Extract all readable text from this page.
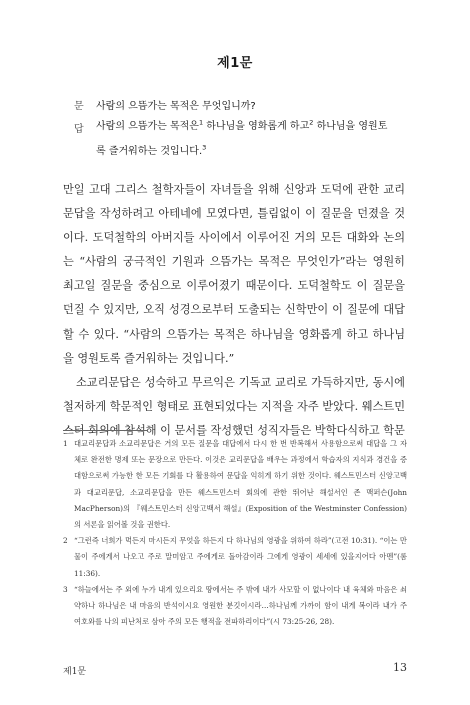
제1문
문 사람의 으뜸가는 목적은 무엇입니까?
답 사람의 으뜸가는 목적은$^1$ 하나님을 영화롭게 하고$^2$ 하나님을 영원토록 즐거워하는 것입니다.$^3$

만일 고대 그리스 철학자들이 자녀들을 위해 신앙과 도덕에 관한 교리문답을 작성하려고 아테네에 모였다면, 틀림없이 이 질문을 던졌을 것이다. 도덕철학의 아버지들 사이에서 이루어진 거의 모든 대화와 논의는 “사람의 궁극적인 기원과 으뜸가는 목적은 무엇인가”라는 영원히 최고일 질문을 중심으로 이루어졌기 때문이다. 도덕철학도 이 질문을 던질 수 있지만, 오직 성경으로부터 도출되는 신학만이 이 질문에 대답할 수 있다. “사람의 으뜸가는 목적은 하나님을 영화롭게 하고 하나님을 영원토록 즐거워하는 것입니다.”

소교리문답은 성숙하고 무르익은 기독교 교리로 가득하지만, 동시에 철저하게 학문적인 형태로 표현되었다는 지적을 자주 받았다. 웨스트민스터 회의에 참석해 이 문서를 작성했던 성직자들은 박학다식하고 학문

1 대교리문답과 소교리문답은 거의 모든 질문을 대답에서 다시 한 번 반복해서 사용함으로써 대답을 그 자체로 완전한 명제 또는 문장으로 만든다. 이것은 교리문답을 배우는 과정에서 학습자의 지식과 경건을 증대함으로써 가능한 한 모든 기회를 다 활용하여 문답을 익히게 하기 위한 것이다. 웨스트민스터 신앙고백과 대교리문답, 소교리문답을 만든 웨스트민스터 회의에 관한 뛰어난 해설서인 존 맥퍼슨(John MacPherson)의 『웨스트민스터 신앙고백서 해설』(Exposition of the Westminster Confession)의 서론을 읽어볼 것을 권한다.
2 “그런즉 너희가 먹든지 마시든지 무엇을 하든지 다 하나님의 영광을 위하여 하라”(고전 10:31). “이는 만물이 주에게서 나오고 주로 말미암고 주에게로 돌아감이라 그에게 영광이 세세에 있을지어다 아멘”(롬 11:36).
3 “하늘에서는 주 외에 누가 내게 있으리요 땅에서는 주 밖에 내가 사모할 이 없나이다 내 육체와 마음은 쇠약하나 하나님은 내 마음의 반석이시요 영원한 분깃이시라…하나님께 가까이 함이 내게 복이라 내가 주 여호와를 나의 피난처로 삼아 주의 모든 행적을 전파하리이다”(시 73:25-26, 28).
제1문	13
